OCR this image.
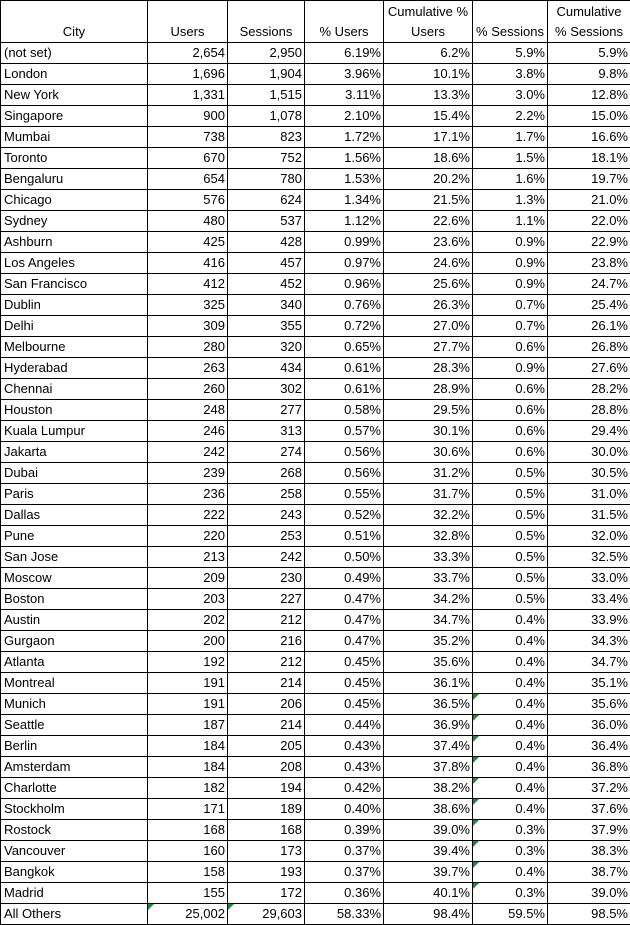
City	Users	Sessions	% Users	Cumulative % Users	% Sessions	Cumulative % Sessions
(not set)	2,654	2,950	6.19%	6.2%	5.9%	5.9%
London	1,696	1,904	3.96%	10.1%	3.8%	9.8%
New York	1,331	1,515	3.11%	13.3%	3.0%	12.8%
Singapore	900	1,078	2.10%	15.4%	2.2%	15.0%
Mumbai	738	823	1.72%	17.1%	1.7%	16.6%
Toronto	670	752	1.56%	18.6%	1.5%	18.1%
Bengaluru	654	780	1.53%	20.2%	1.6%	19.7%
Chicago	576	624	1.34%	21.5%	1.3%	21.0%
Sydney	480	537	1.12%	22.6%	1.1%	22.0%
Ashburn	425	428	0.99%	23.6%	0.9%	22.9%
Los Angeles	416	457	0.97%	24.6%	0.9%	23.8%
San Francisco	412	452	0.96%	25.6%	0.9%	24.7%
Dublin	325	340	0.76%	26.3%	0.7%	25.4%
Delhi	309	355	0.72%	27.0%	0.7%	26.1%
Melbourne	280	320	0.65%	27.7%	0.6%	26.8%
Hyderabad	263	434	0.61%	28.3%	0.9%	27.6%
Chennai	260	302	0.61%	28.9%	0.6%	28.2%
Houston	248	277	0.58%	29.5%	0.6%	28.8%
Kuala Lumpur	246	313	0.57%	30.1%	0.6%	29.4%
Jakarta	242	274	0.56%	30.6%	0.6%	30.0%
Dubai	239	268	0.56%	31.2%	0.5%	30.5%
Paris	236	258	0.55%	31.7%	0.5%	31.0%
Dallas	222	243	0.52%	32.2%	0.5%	31.5%
Pune	220	253	0.51%	32.8%	0.5%	32.0%
San Jose	213	242	0.50%	33.3%	0.5%	32.5%
Moscow	209	230	0.49%	33.7%	0.5%	33.0%
Boston	203	227	0.47%	34.2%	0.5%	33.4%
Austin	202	212	0.47%	34.7%	0.4%	33.9%
Gurgaon	200	216	0.47%	35.2%	0.4%	34.3%
Atlanta	192	212	0.45%	35.6%	0.4%	34.7%
Montreal	191	214	0.45%	36.1%	0.4%	35.1%
Munich	191	206	0.45%	36.5%	0.4%	35.6%
Seattle	187	214	0.44%	36.9%	0.4%	36.0%
Berlin	184	205	0.43%	37.4%	0.4%	36.4%
Amsterdam	184	208	0.43%	37.8%	0.4%	36.8%
Charlotte	182	194	0.42%	38.2%	0.4%	37.2%
Stockholm	171	189	0.40%	38.6%	0.4%	37.6%
Rostock	168	168	0.39%	39.0%	0.3%	37.9%
Vancouver	160	173	0.37%	39.4%	0.3%	38.3%
Bangkok	158	193	0.37%	39.7%	0.4%	38.7%
Madrid	155	172	0.36%	40.1%	0.3%	39.0%
All Others	25,002	29,603	58.33%	98.4%	59.5%	98.5%
